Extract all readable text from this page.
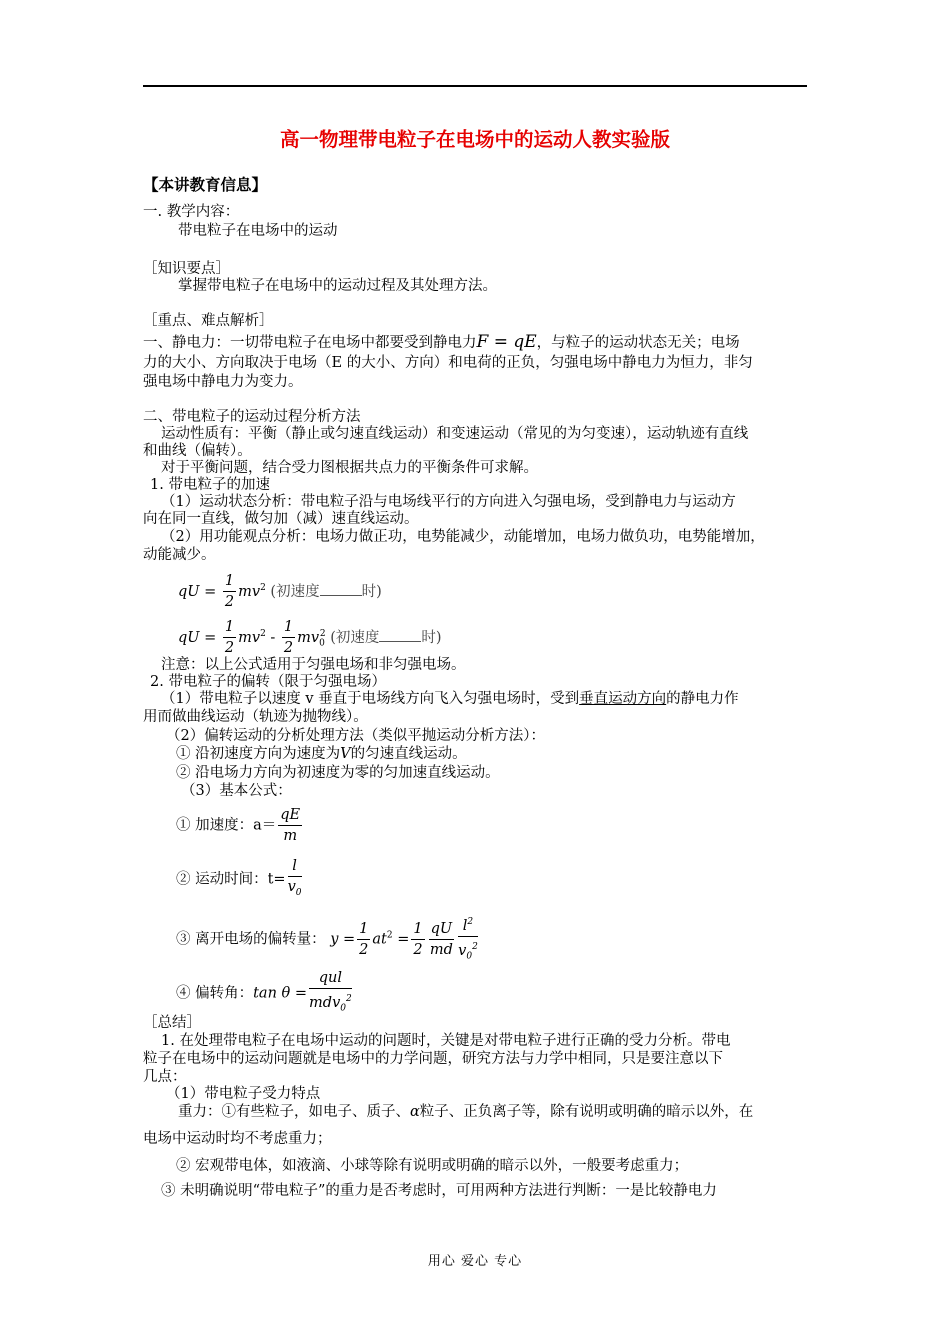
高一物理带电粒子在电场中的运动人教实验版
【本讲教育信息】
一. 教学内容：
带电粒子在电场中的运动
［知识要点］
掌握带电粒子在电场中的运动过程及其处理方法。
［重点、难点解析］
一、静电力：一切带电粒子在电场中都要受到静电力F = qE，与粒子的运动状态无关；电场
力的大小、方向取决于电场（E 的大小、方向）和电荷的正负，匀强电场中静电力为恒力，非匀
强电场中静电力为变力。
二、带电粒子的运动过程分析方法
运动性质有：平衡（静止或匀速直线运动）和变速运动（常见的为匀变速），运动轨迹有直线
和曲线（偏转）。
对于平衡问题，结合受力图根据共点力的平衡条件可求解。
1. 带电粒子的加速
（1）运动状态分析：带电粒子沿与电场线平行的方向进入匀强电场，受到静电力与运动方
向在同一直线，做匀加（减）速直线运动。
（2）用功能观点分析：电场力做正功，电势能减少，动能增加，电场力做负功，电势能增加，
动能减少。
qU = $\frac{1}{2} mv^2$ (初速度	时)
qU = $\frac{1}{2} mv^2 - \frac{1}{2} mv_0^2$ (初速度	时)
注意：以上公式适用于匀强电场和非匀强电场。
2. 带电粒子的偏转（限于匀强电场）
（1）带电粒子以速度 v 垂直于电场线方向飞入匀强电场时，受到垂直运动方向的静电力作
用而做曲线运动（轨迹为抛物线）。
（2）偏转运动的分析处理方法（类似平抛运动分析方法）：
① 沿初速度方向为速度为V的匀速直线运动。
② 沿电场力方向为初速度为零的匀加速直线运动。
（3）基本公式：
① 加速度：$a= \frac{qE}{m}$
② 运动时间：$t= \frac{l}{v_0}$
③ 离开电场的偏转量： $y = \frac{1}{2} at^2 = \frac{1}{2} \frac{qU}{md} \frac{l^2}{v_0^2}$
④ 偏转角：$\tan \theta = \frac{\text{qul}}{mdv_0^2}$
［总结］
1. 在处理带电粒子在电场中运动的问题时，关键是对带电粒子进行正确的受力分析。带电
粒子在电场中的运动问题就是电场中的力学问题，研究方法与力学中相同，只是要注意以下
几点：
（1）带电粒子受力特点
重力：①有些粒子，如电子、质子、α粒子、正负离子等，除有说明或明确的暗示以外，在
电场中运动时均不考虑重力；
② 宏观带电体，如液滴、小球等除有说明或明确的暗示以外，一般要考虑重力；
③ 未明确说明“带电粒子”的重力是否考虑时，可用两种方法进行判断：一是比较静电力
用心 爱心 专心
